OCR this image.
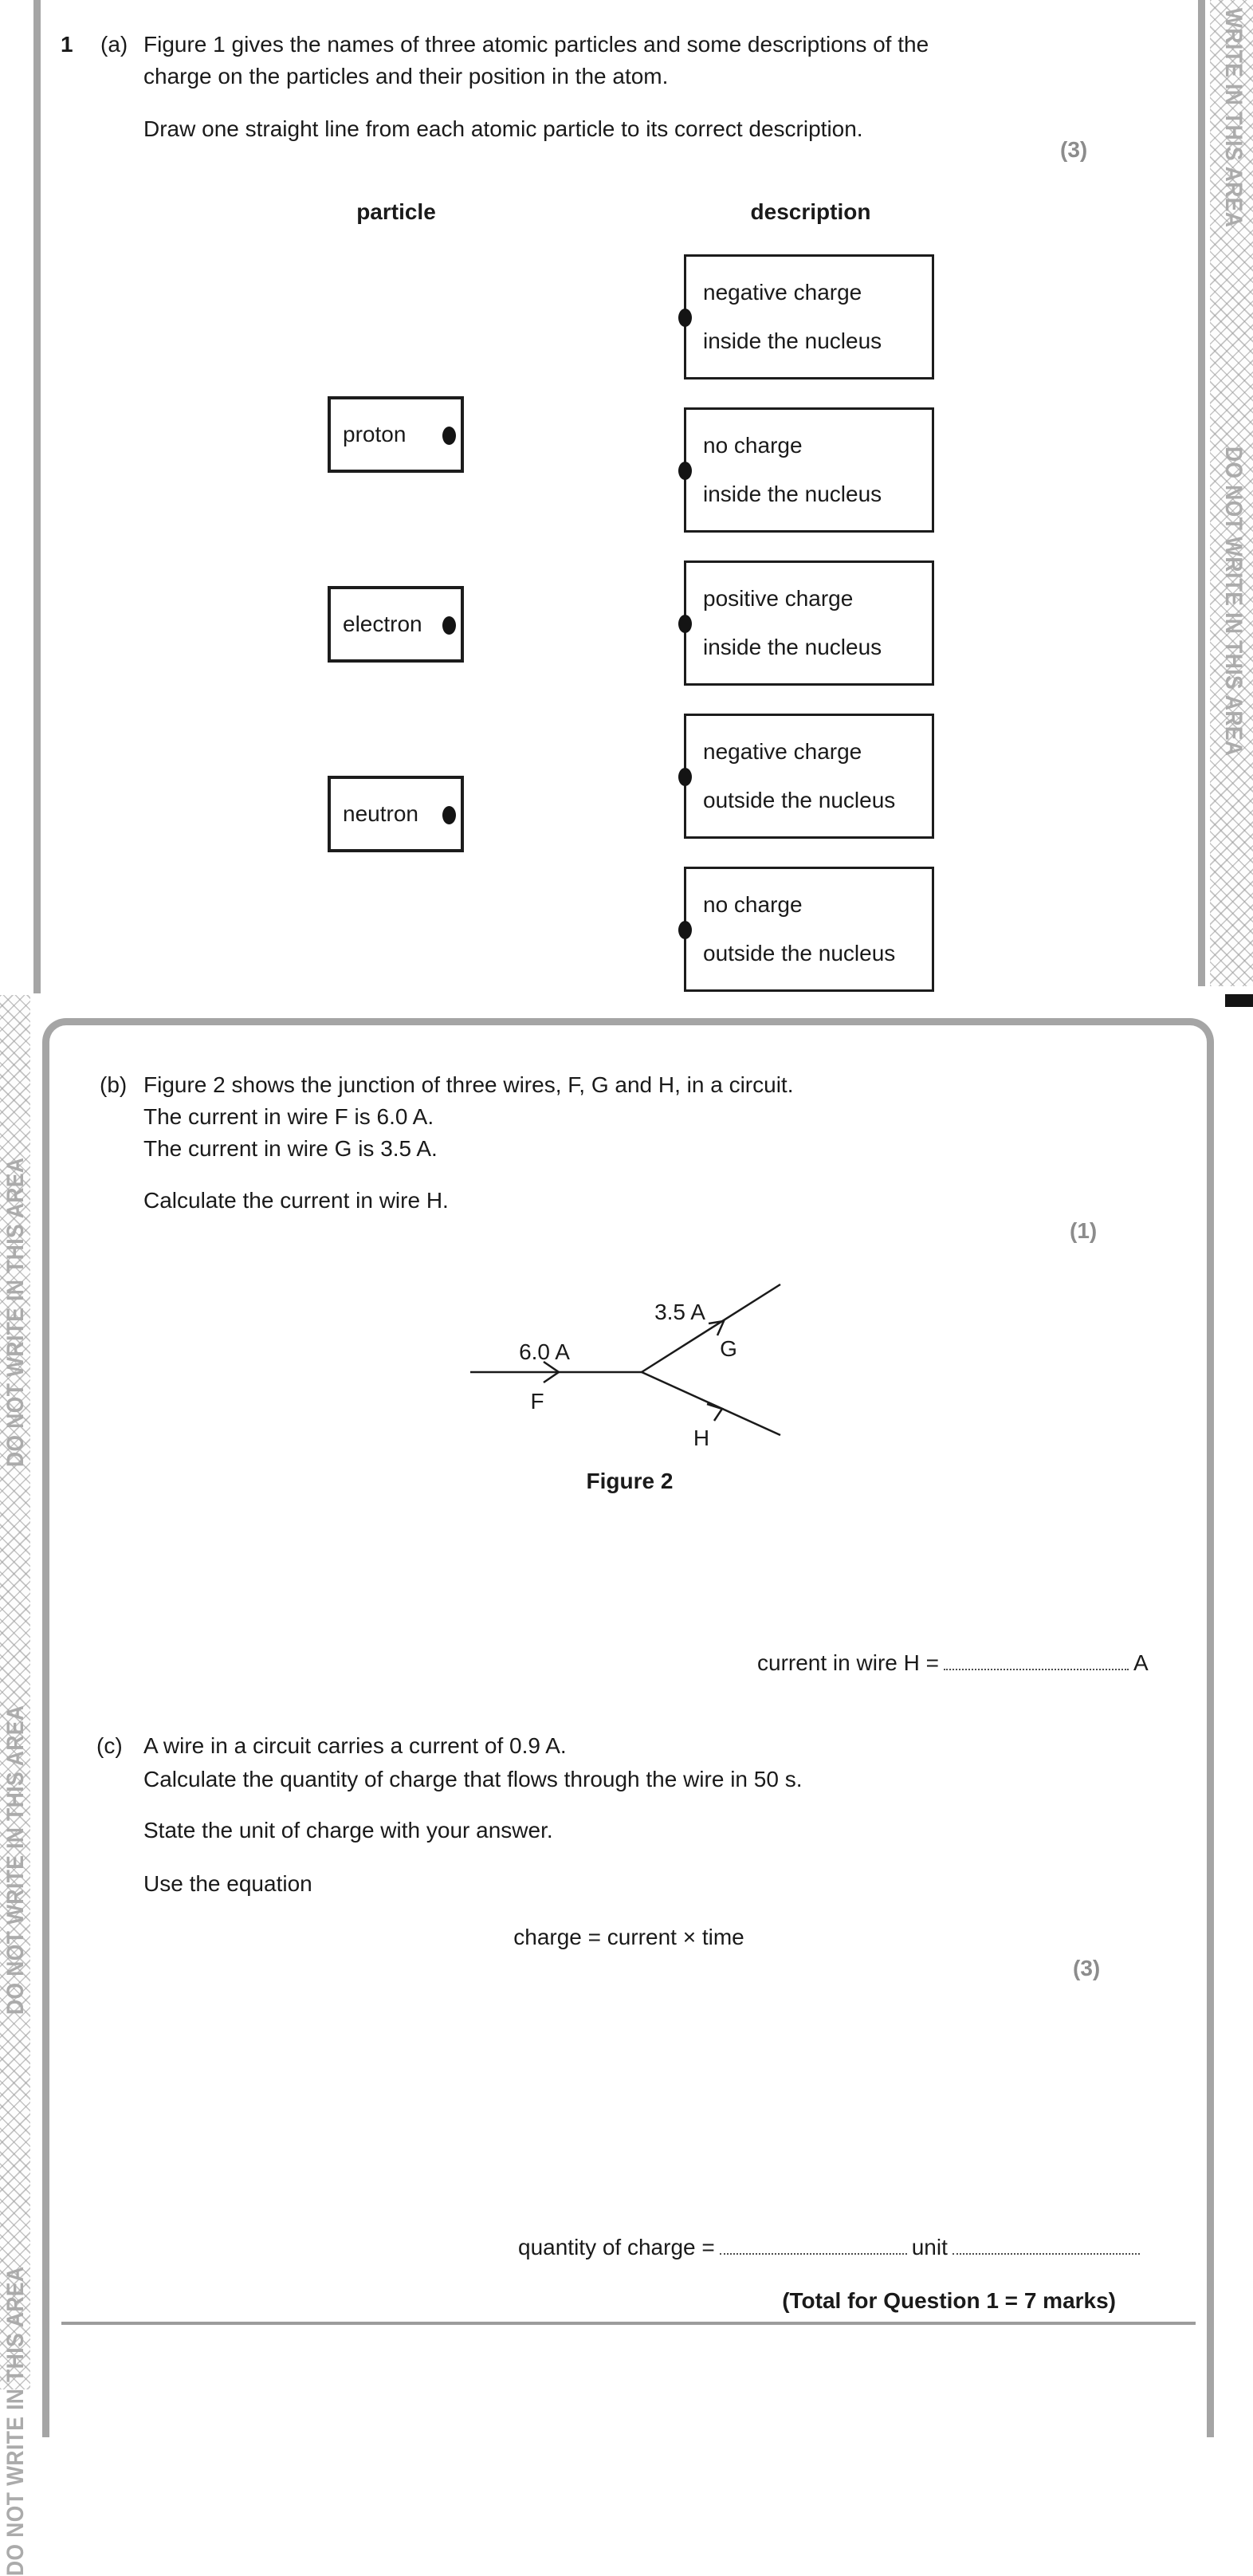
WRITE IN THIS AREA
DO NOT WRITE IN THIS AREA
1 (a) Figure 1 gives the names of three atomic particles and some descriptions of the
charge on the particles and their position in the atom.
Draw one straight line from each atomic particle to its correct description.
(3)
particle	description
proton
electron
neutron
negative charge
inside the nucleus
no charge
inside the nucleus
positive charge
inside the nucleus
negative charge
outside the nucleus
no charge
outside the nucleus
DO NOT WRITE IN THIS AREA
DO NOT WRITE IN THIS AREA
DO NOT WRITE IN THIS AREA
(b) Figure 2 shows the junction of three wires, F, G and H, in a circuit.
The current in wire F is 6.0 A.
The current in wire G is 3.5 A.
Calculate the current in wire H.
(1)
6.0 A
F
3.5 A
G
H
Figure 2
current in wire H =	A
(c) A wire in a circuit carries a current of 0.9 A.
Calculate the quantity of charge that flows through the wire in 50 s.
State the unit of charge with your answer.
Use the equation
charge = current × time
(3)
quantity of charge =	unit
(Total for Question 1 = 7 marks)
